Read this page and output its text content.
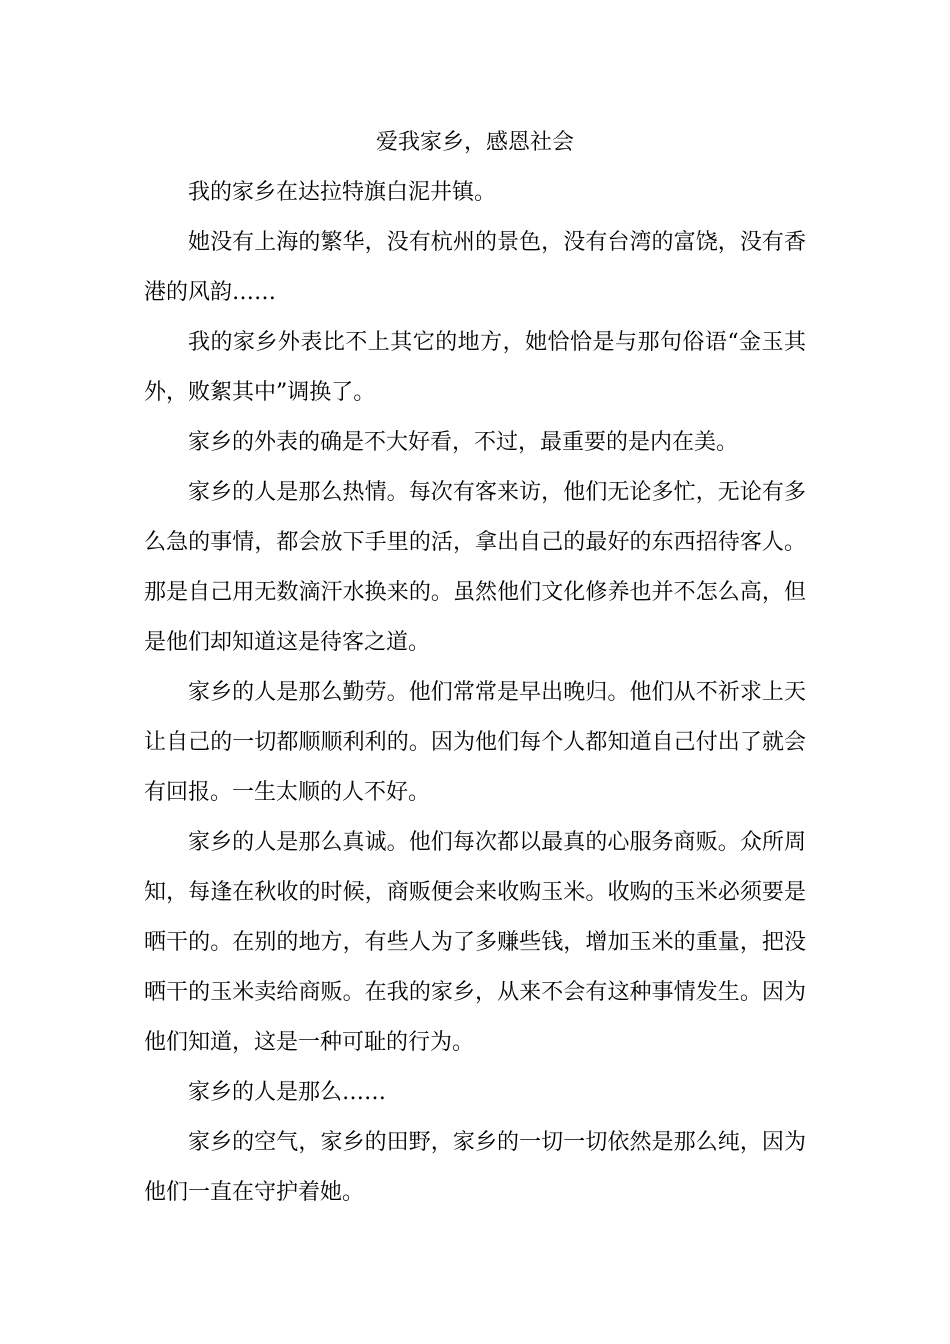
爱我家乡，感恩社会

我的家乡在达拉特旗白泥井镇。

她没有上海的繁华，没有杭州的景色，没有台湾的富饶，没有香港的风韵……

我的家乡外表比不上其它的地方，她恰恰是与那句俗语“金玉其外，败絮其中”调换了。

家乡的外表的确是不大好看，不过，最重要的是内在美。

家乡的人是那么热情。每次有客来访，他们无论多忙，无论有多么急的事情，都会放下手里的活，拿出自己的最好的东西招待客人。那是自己用无数滴汗水换来的。虽然他们文化修养也并不怎么高，但是他们却知道这是待客之道。

家乡的人是那么勤劳。他们常常是早出晚归。他们从不祈求上天让自己的一切都顺顺利利的。因为他们每个人都知道自己付出了就会有回报。一生太顺的人不好。

家乡的人是那么真诚。他们每次都以最真的心服务商贩。众所周知，每逢在秋收的时候，商贩便会来收购玉米。收购的玉米必须要是晒干的。在别的地方，有些人为了多赚些钱，增加玉米的重量，把没晒干的玉米卖给商贩。在我的家乡，从来不会有这种事情发生。因为他们知道，这是一种可耻的行为。

家乡的人是那么……

家乡的空气，家乡的田野，家乡的一切一切依然是那么纯，因为他们一直在守护着她。
